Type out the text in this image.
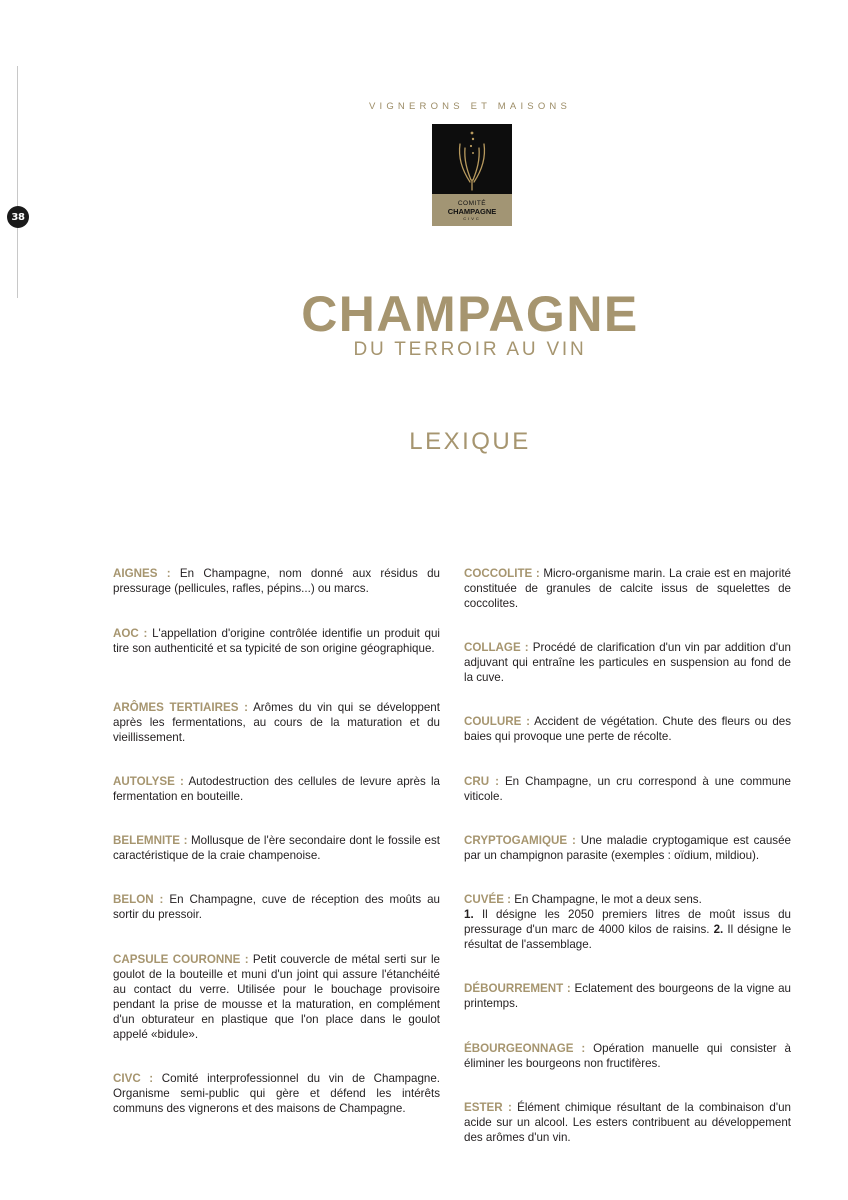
38
VIGNERONS ET MAISONS
COMITÉ
CHAMPAGNE
CIVC
CHAMPAGNE
DU TERROIR AU VIN
LEXIQUE

AIGNES : En Champagne, nom donné aux résidus du pressurage (pellicules, rafles, pépins...) ou marcs.

AOC : L'appellation d'origine contrôlée identifie un produit qui tire son authenticité et sa typicité de son origine géographique.

ARÔMES TERTIAIRES : Arômes du vin qui se développent après les fermentations, au cours de la maturation et du vieillissement.

AUTOLYSE : Autodestruction des cellules de levure après la fermentation en bouteille.

BELEMNITE : Mollusque de l'ère secondaire dont le fossile est caractéristique de la craie champenoise.

BELON : En Champagne, cuve de réception des moûts au sortir du pressoir.

CAPSULE COURONNE : Petit couvercle de métal serti sur le goulot de la bouteille et muni d'un joint qui assure l'étanchéité au contact du verre. Utilisée pour le bouchage provisoire pendant la prise de mousse et la maturation, en complément d'un obturateur en plastique que l'on place dans le goulot appelé «bidule».

CIVC : Comité interprofessionnel du vin de Champagne. Organisme semi-public qui gère et défend les intérêts communs des vignerons et des maisons de Champagne.

COCCOLITE : Micro-organisme marin. La craie est en majorité constituée de granules de calcite issus de squelettes de coccolites.

COLLAGE : Procédé de clarification d'un vin par addition d'un adjuvant qui entraîne les particules en suspension au fond de la cuve.

COULURE : Accident de végétation. Chute des fleurs ou des baies qui provoque une perte de récolte.

CRU : En Champagne, un cru correspond à une commune viticole.

CRYPTOGAMIQUE : Une maladie cryptogamique est causée par un champignon parasite (exemples : oïdium, mildiou).

CUVÉE : En Champagne, le mot a deux sens.
1. Il désigne les 2050 premiers litres de moût issus du pressurage d'un marc de 4000 kilos de raisins. 2. Il désigne le résultat de l'assemblage.

DÉBOURREMENT : Eclatement des bourgeons de la vigne au printemps.

ÉBOURGEONNAGE : Opération manuelle qui consister à éliminer les bourgeons non fructifères.

ESTER : Élément chimique résultant de la combinaison d'un acide sur un alcool. Les esters contribuent au développement des arômes d'un vin.
